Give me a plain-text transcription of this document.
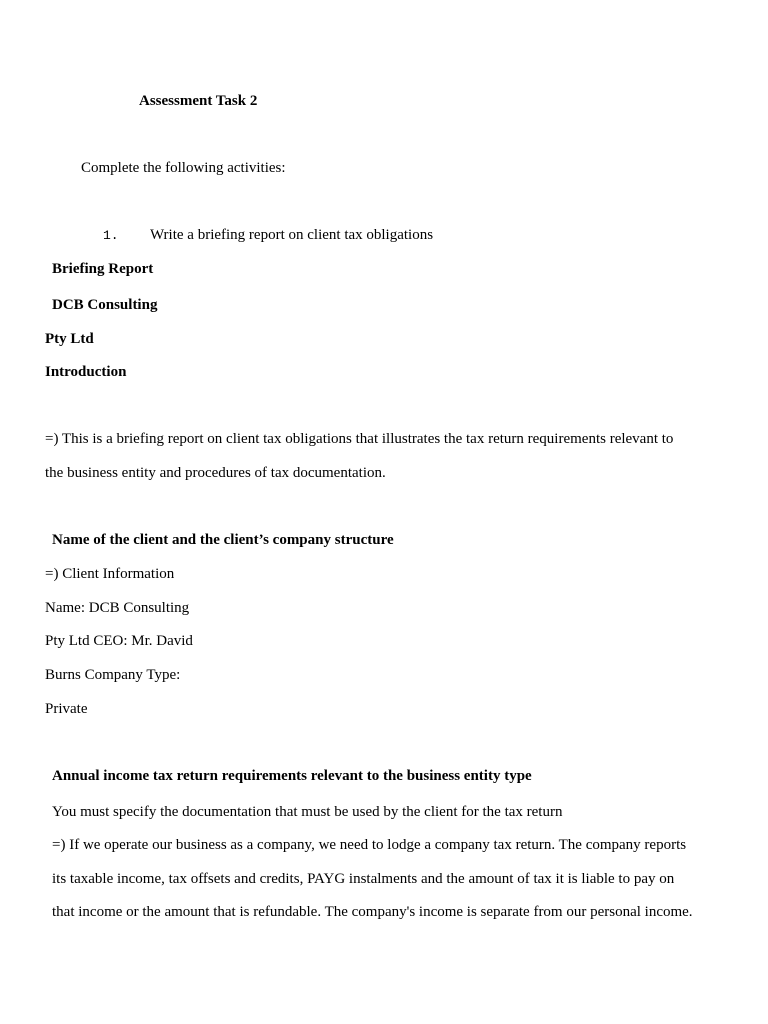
Assessment Task 2
Complete the following activities:
1. Write a briefing report on client tax obligations
Briefing Report
DCB Consulting
Pty Ltd
Introduction
=) This is a briefing report on client tax obligations that illustrates the tax return requirements relevant to
the business entity and procedures of tax documentation.
Name of the client and the client’s company structure
=) Client Information
Name: DCB Consulting
Pty Ltd CEO: Mr. David
Burns Company Type:
Private
Annual income tax return requirements relevant to the business entity type
You must specify the documentation that must be used by the client for the tax return
=) If we operate our business as a company, we need to lodge a company tax return. The company reports
its taxable income, tax offsets and credits, PAYG instalments and the amount of tax it is liable to pay on
that income or the amount that is refundable. The company's income is separate from our personal income.
